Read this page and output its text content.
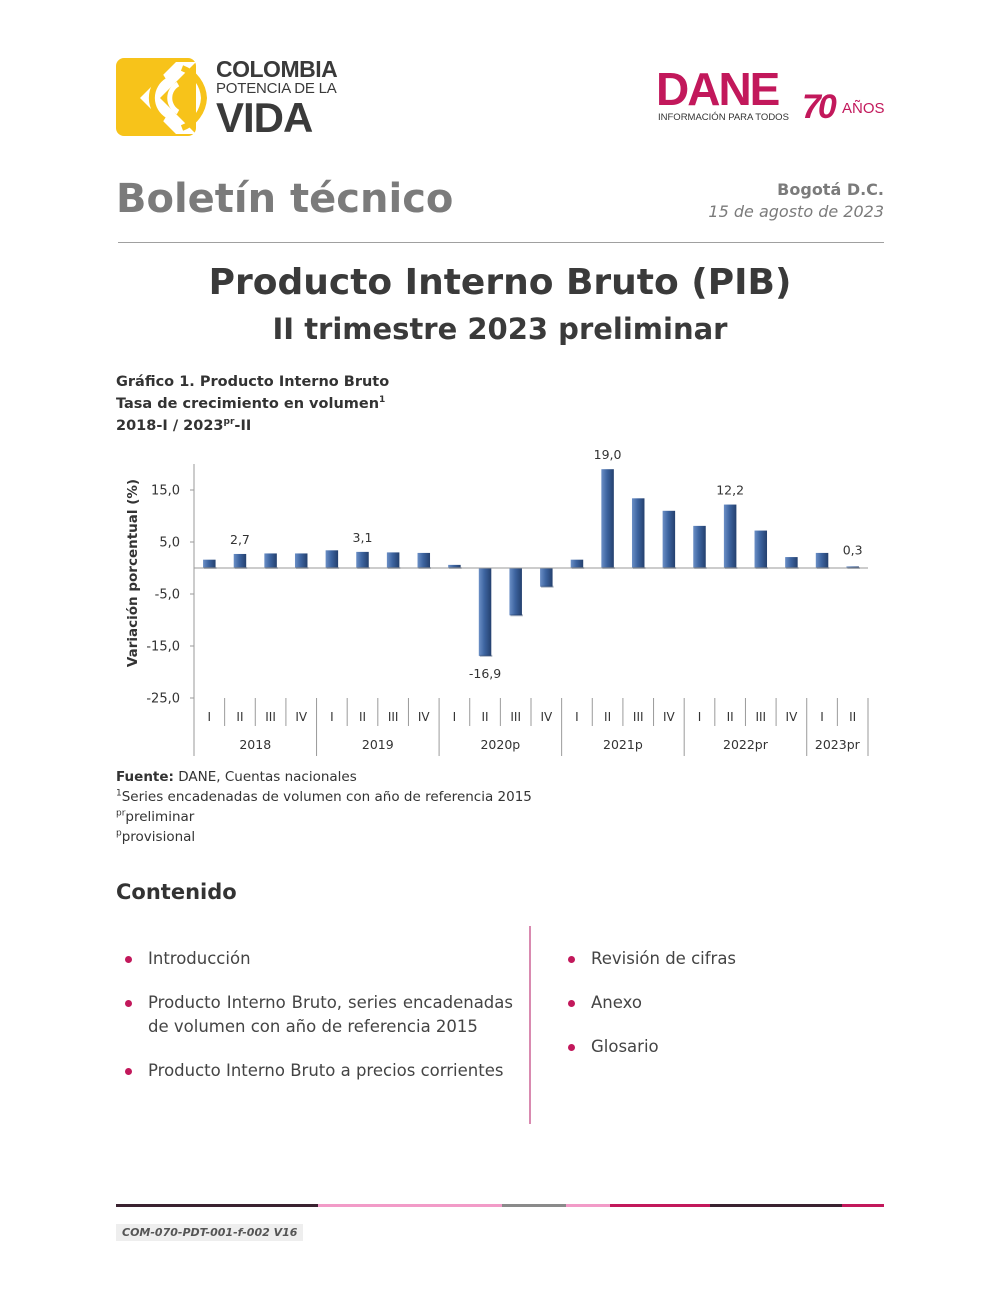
COLOMBIA
POTENCIA DE LA
VIDA
DANE
INFORMACIÓN PARA TODOS 70 AÑOS
Boletín técnico	Bogotá D.C.
15 de agosto de 2023
Producto Interno Bruto (PIB)
II trimestre 2023 preliminar
Gráfico 1. Producto Interno Bruto
Tasa de crecimiento en volumen$^1$
$2018-I / 2023^{pr}-II$
15,0
5,0
-5,0
-15,0
-25,0
Variación porcentual (%)
I II III IV I II III IV I II III IV I II III IV I II III IV I II
2018	2019	2020p	2021p	2022pr	2023pr
2,7	3,1
-16,9
19,0
12,2
0,3
Fuente: DANE, Cuentas nacionales
$^1$Series encadenadas de volumen con año de referencia 2015
$^{pr}$preliminar
$^p$provisional
Contenido
Introducción
Producto Interno Bruto, series encadenadas de volumen con año de referencia 2015
Producto Interno Bruto a precios corrientes
Revisión de cifras
Anexo
Glosario
COM-070-PDT-001-f-002 V16
